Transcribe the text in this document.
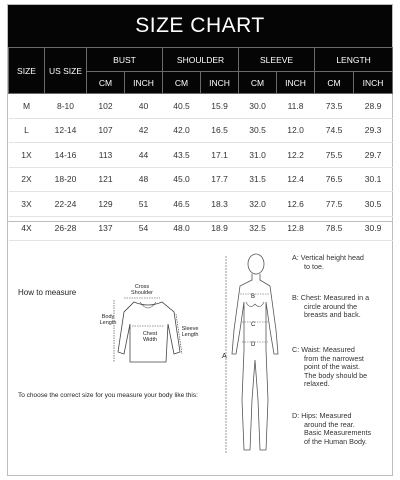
SIZE CHART
SIZE	US SIZE	BUST		SHOULDER		SLEEVE		LENGTH	
		CM	INCH	CM	INCH	CM	INCH	CM	INCH
M	8-10	102	40	40.5	15.9	30.0	11.8	73.5	28.9
L	12-14	107	42	42.0	16.5	30.5	12.0	74.5	29.3
1X	14-16	113	44	43.5	17.1	31.0	12.2	75.5	29.7
2X	18-20	121	48	45.0	17.7	31.5	12.4	76.5	30.1
3X	22-24	129	51	46.5	18.3	32.0	12.6	77.5	30.5
4X	26-28	137	54	48.0	18.9	32.5	12.8	78.5	30.9
How to measure
Cross
Shoulder
Body
Length
Chest
Width
Sleeve
Length
To choose the correct size for you measure your body like this:
A
B
C
D
A: Vertical height head
to toe.
B: Chest: Measured in a
circle around the
breasts and back.
C: Waist: Measured
from the narrowest
point of the waist.
The body should be
relaxed.
D: Hips: Measured
around the rear.
Basic Measurements
of the Human Body.
